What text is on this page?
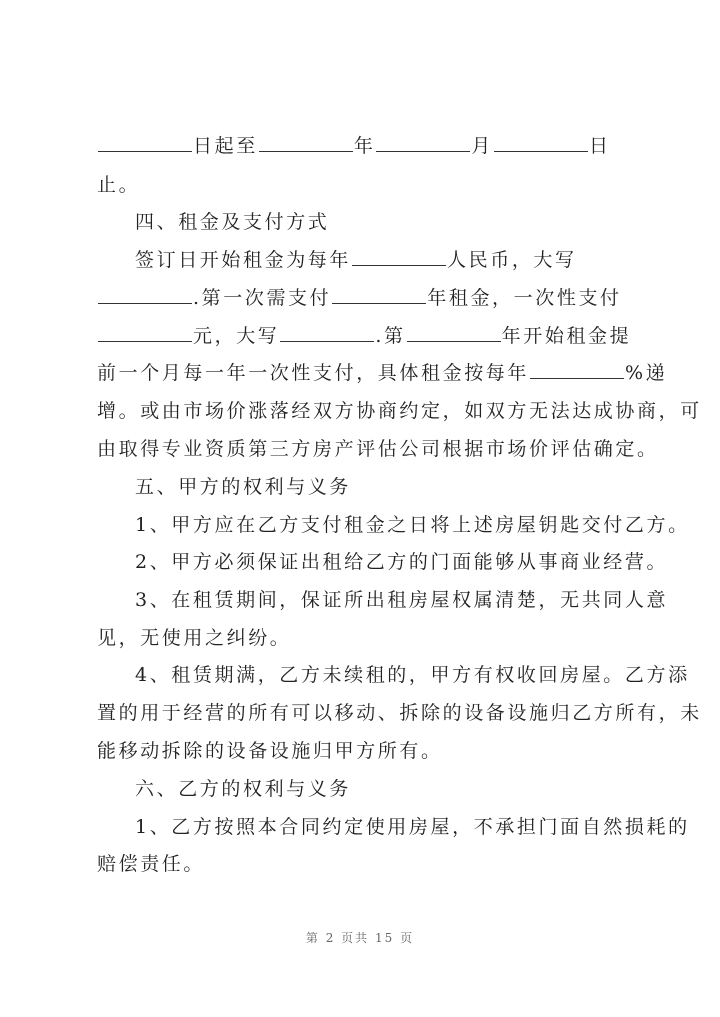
日起至	年	月	日

止。

四、租金及支付方式

签订日开始租金为每年	人民币，大写

.第一次需支付	年租金，一次性支付

元，大写	.第	年开始租金提

前一个月每一年一次性支付，具体租金按每年	%递

增。或由市场价涨落经双方协商约定，如双方无法达成协商，可

由取得专业资质第三方房产评估公司根据市场价评估确定。

五、甲方的权利与义务

1、甲方应在乙方支付租金之日将上述房屋钥匙交付乙方。

2、甲方必须保证出租给乙方的门面能够从事商业经营。

3、在租赁期间，保证所出租房屋权属清楚，无共同人意

见，无使用之纠纷。

4、租赁期满，乙方未续租的，甲方有权收回房屋。乙方添

置的用于经营的所有可以移动、拆除的设备设施归乙方所有，未

能移动拆除的设备设施归甲方所有。

六、乙方的权利与义务

1、乙方按照本合同约定使用房屋，不承担门面自然损耗的

赔偿责任。

第 2 页共 15 页
